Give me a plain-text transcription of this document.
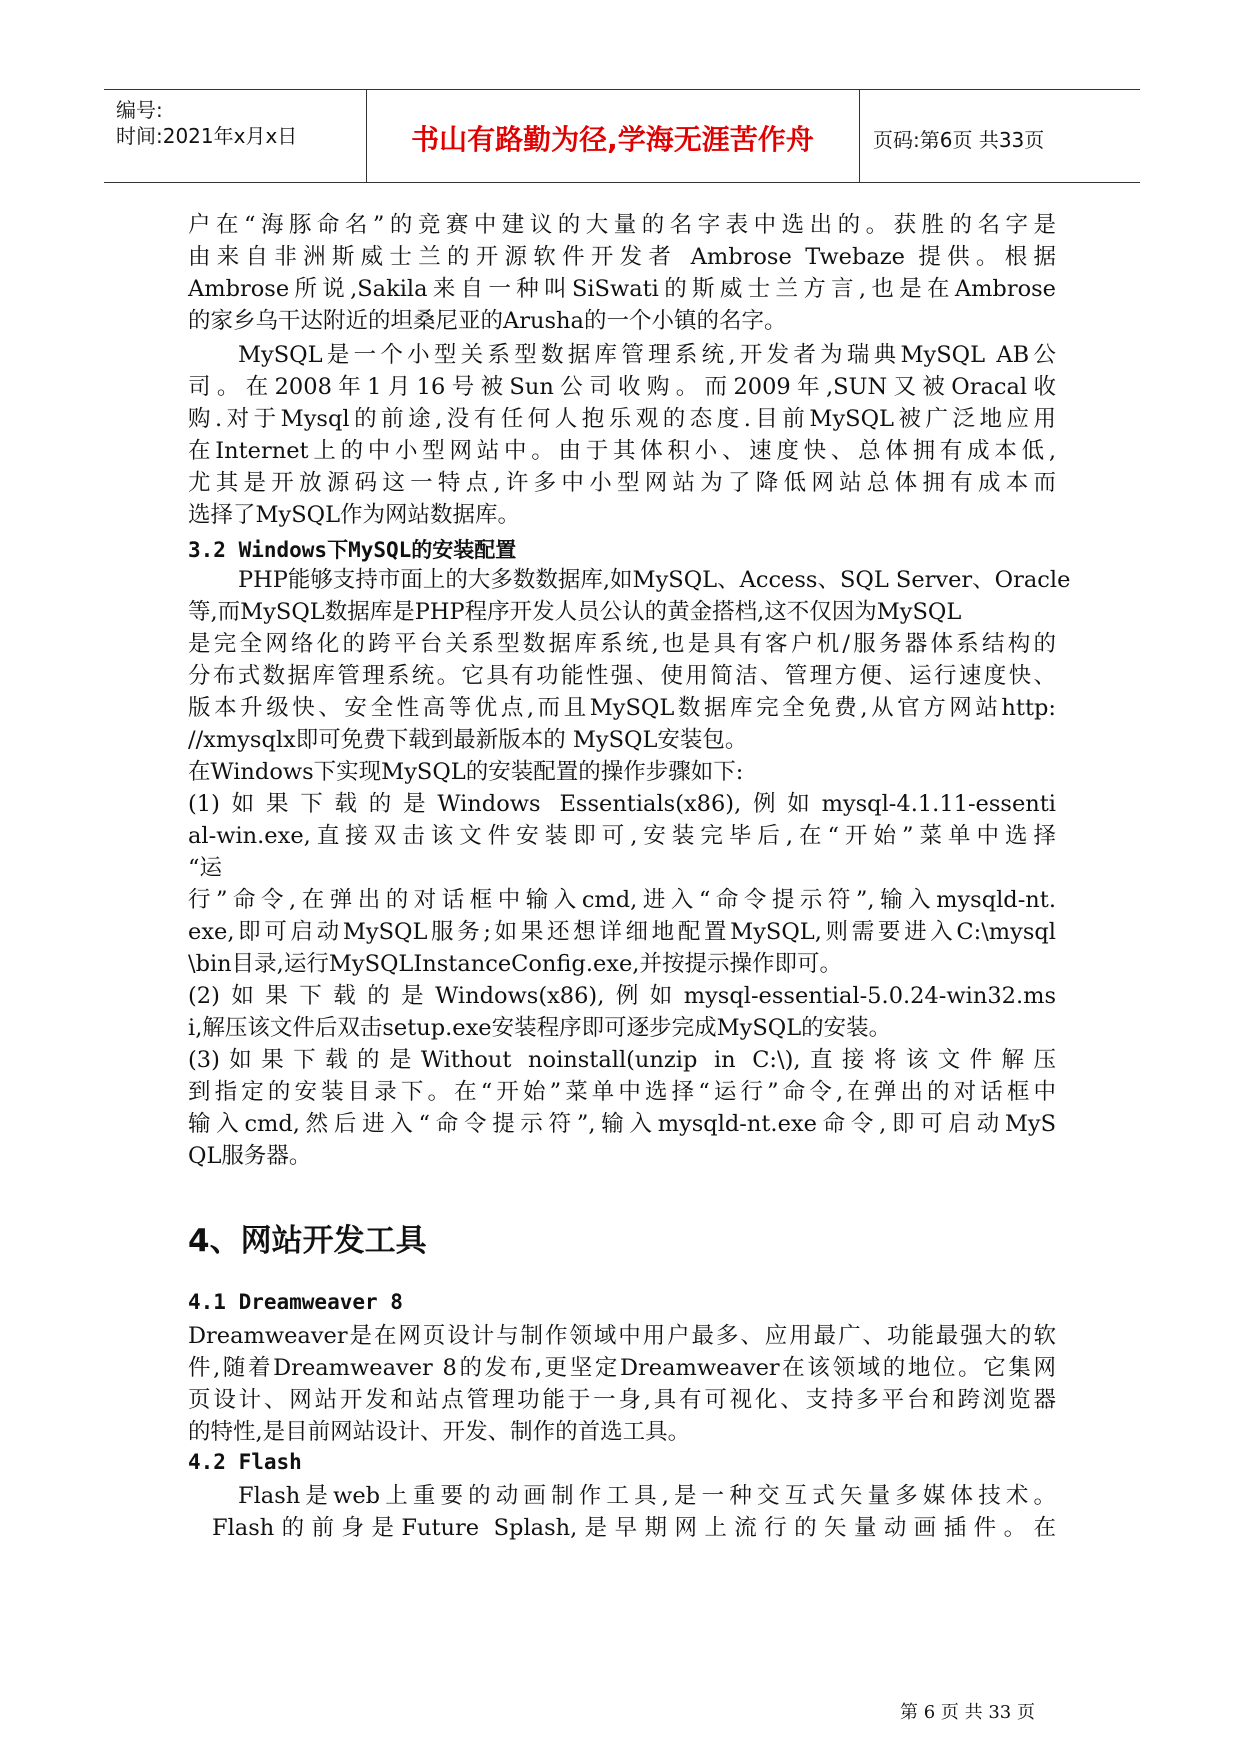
编号:
时间:2021年x月x日	书山有路勤为径,学海无涯苦作舟	页码:第6页 共33页
户在“海豚命名”的竞赛中建议的大量的名字表中选出的。获胜的名字是
由来自非洲斯威士兰的开源软件开发者 Ambrose Twebaze 提供。根据
Ambrose所说,Sakila来自一种叫SiSwati的斯威士兰方言,也是在Ambrose
的家乡乌干达附近的坦桑尼亚的Arusha的一个小镇的名字。
MySQL是一个小型关系型数据库管理系统,开发者为瑞典MySQL AB公
司。在2008年1月16号被Sun公司收购。而2009年,SUN又被Oracal收
购.对于Mysql的前途,没有任何人抱乐观的态度.目前MySQL被广泛地应用
在Internet上的中小型网站中。由于其体积小、速度快、总体拥有成本低,
尤其是开放源码这一特点,许多中小型网站为了降低网站总体拥有成本而
选择了MySQL作为网站数据库。
3.2 Windows下MySQL的安装配置
PHP能够支持市面上的大多数数据库,如MySQL、Access、SQL Server、Oracle
等,而MySQL数据库是PHP程序开发人员公认的黄金搭档,这不仅因为MySQL
是完全网络化的跨平台关系型数据库系统,也是具有客户机/服务器体系结构的
分布式数据库管理系统。它具有功能性强、使用简洁、管理方便、运行速度快、
版本升级快、安全性高等优点,而且MySQL数据库完全免费,从官方网站http:
//xmysqlx即可免费下载到最新版本的 MySQL安装包。
在Windows下实现MySQL的安装配置的操作步骤如下:
(1)如果下载的是Windows Essentials(x86),例如mysql-4.1.11-essenti
al-win.exe,直接双击该文件安装即可,安装完毕后,在“开始”菜单中选择
“运
行”命令,在弹出的对话框中输入cmd,进入“命令提示符”,输入mysqld-nt.
exe,即可启动MySQL服务;如果还想详细地配置MySQL,则需要进入C:\mysql
\bin目录,运行MySQLInstanceConfig.exe,并按提示操作即可。
(2)如果下载的是Windows(x86),例如mysql-essential-5.0.24-win32.ms
i,解压该文件后双击setup.exe安装程序即可逐步完成MySQL的安装。
(3)如果下载的是Without noinstall(unzip in C:\),直接将该文件解压
到指定的安装目录下。在“开始”菜单中选择“运行”命令,在弹出的对话框中
输入cmd,然后进入“命令提示符”,输入mysqld-nt.exe命令,即可启动MyS
QL服务器。
4、网站开发工具
4.1 Dreamweaver 8
Dreamweaver是在网页设计与制作领域中用户最多、应用最广、功能最强大的软
件,随着Dreamweaver 8的发布,更坚定Dreamweaver在该领域的地位。它集网
页设计、网站开发和站点管理功能于一身,具有可视化、支持多平台和跨浏览器
的特性,是目前网站设计、开发、制作的首选工具。
4.2 Flash
Flash是web上重要的动画制作工具,是一种交互式矢量多媒体技术。
Flash的前身是Future Splash,是早期网上流行的矢量动画插件。在
第 6 页 共 33 页
